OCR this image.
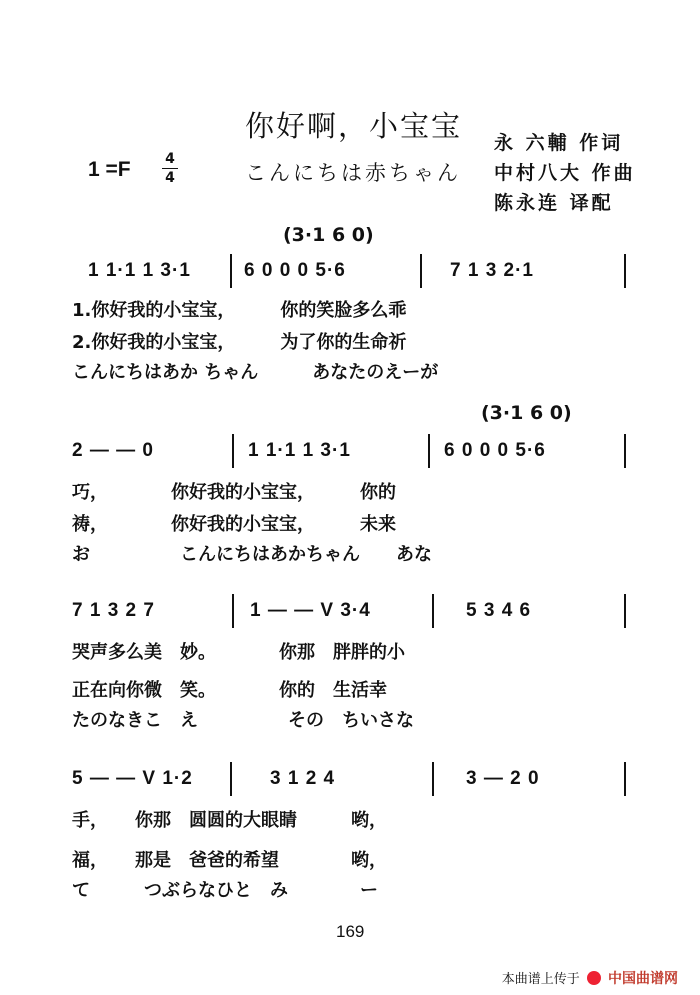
你好啊，小宝宝
こんにちは赤ちゃん
永 六輔 作词
中村八大 作曲
陈永连 译配
1 =F 4
4
(3·1 6 0)
1 1·1 1 3·1	6 0 0 0 5·6	7 1 3 2·1
1.你好我的小宝宝，　　　你的笑脸多么乖
2.你好我的小宝宝，　　　为了你的生命祈
こんにちはあか ちゃん　　　あなたのえーが
(3·1 6 0)
2 — — 0	1 1·1 1 3·1	6 0 0 0 5·6
巧，　　　　你好我的小宝宝，　　　你的
祷，　　　　你好我的小宝宝，　　　未来
お　　　　　こんにちはあかちゃん　　あな
7 1 3 2 7	1 — — V 3·4	5 3 4 6
哭声多么美　妙。　　　　你那　胖胖的小
正在向你微　笑。　　　　你的　生活幸
たのなきこ　え　　　　　その　ちいさな
5 — — V 1·2	3 1 2 4	3 — 2 0
手，　　你那　圆圆的大眼睛　　　哟，
福，　　那是　爸爸的希望　　　　哟，
て　　　つぶらなひと　み　　　　ー
169
本曲谱上传于 中国曲谱网
